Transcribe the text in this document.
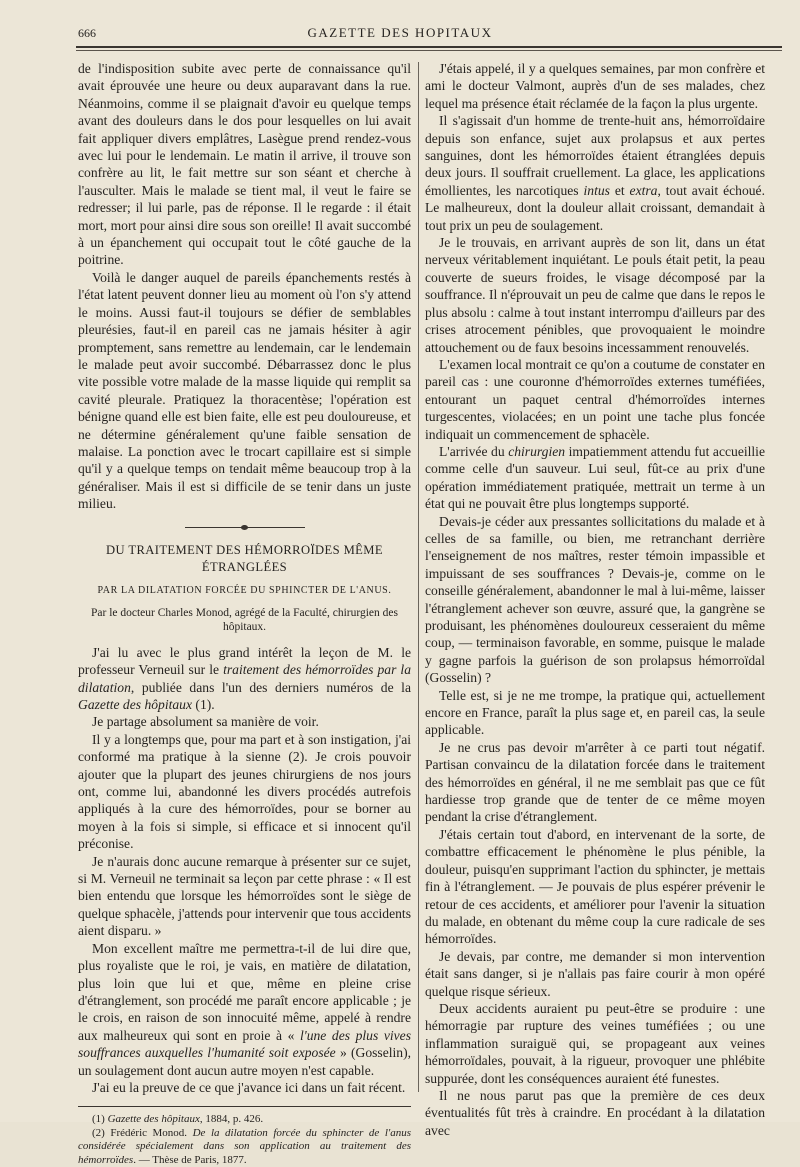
666	GAZETTE DES HOPITAUX

de l'indisposition subite avec perte de connaissance qu'il avait éprouvée une heure ou deux auparavant dans la rue. Néanmoins, comme il se plaignait d'avoir eu quelque temps avant des douleurs dans le dos pour lesquelles on lui avait fait appliquer divers emplâtres, Lasègue prend rendez-vous avec lui pour le lendemain. Le matin il arrive, il trouve son confrère au lit, le fait mettre sur son séant et cherche à l'ausculter. Mais le malade se tient mal, il veut le faire se redresser; il lui parle, pas de réponse. Il le regarde : il était mort, mort pour ainsi dire sous son oreille! Il avait succombé à un épanchement qui occupait tout le côté gauche de la poitrine.

Voilà le danger auquel de pareils épanchements restés à l'état latent peuvent donner lieu au moment où l'on s'y attend le moins. Aussi faut-il toujours se défier de semblables pleurésies, faut-il en pareil cas ne jamais hésiter à agir promptement, sans remettre au lendemain, car le lendemain le malade peut avoir succombé. Débarrassez donc le plus vite possible votre malade de la masse liquide qui remplit sa cavité pleurale. Pratiquez la thoracentèse; l'opération est bénigne quand elle est bien faite, elle est peu douloureuse, et ne détermine généralement qu'une faible sensation de malaise. La ponction avec le trocart capillaire est si simple qu'il y a quelque temps on tendait même beaucoup trop à la généraliser. Mais il est si difficile de se tenir dans un juste milieu.

DU TRAITEMENT DES HÉMORROÏDES MÊME ÉTRANGLÉES

PAR LA DILATATION FORCÉE DU SPHINCTER DE L'ANUS.

Par le docteur Charles Monod, agrégé de la Faculté, chirurgien des hôpitaux.

J'ai lu avec le plus grand intérêt la leçon de M. le professeur Verneuil sur le traitement des hémorroïdes par la dilatation, publiée dans l'un des derniers numéros de la Gazette des hôpitaux (1).

Je partage absolument sa manière de voir.

Il y a longtemps que, pour ma part et à son instigation, j'ai conformé ma pratique à la sienne (2). Je crois pouvoir ajouter que la plupart des jeunes chirurgiens de nos jours ont, comme lui, abandonné les divers procédés autrefois appliqués à la cure des hémorroïdes, pour se borner au moyen à la fois si simple, si efficace et si innocent qu'il préconise.

Je n'aurais donc aucune remarque à présenter sur ce sujet, si M. Verneuil ne terminait sa leçon par cette phrase : « Il est bien entendu que lorsque les hémorroïdes sont le siège de quelque sphacèle, j'attends pour intervenir que tous accidents aient disparu. »

Mon excellent maître me permettra-t-il de lui dire que, plus royaliste que le roi, je vais, en matière de dilatation, plus loin que lui et que, même en pleine crise d'étranglement, son procédé me paraît encore applicable ; je le crois, en raison de son innocuité même, appelé à rendre aux malheureux qui sont en proie à « l'une des plus vives souffrances auxquelles l'humanité soit exposée » (Gosselin), un soulagement dont aucun autre moyen n'est capable.

J'ai eu la preuve de ce que j'avance ici dans un fait récent.

(1) Gazette des hôpitaux, 1884, p. 426.

(2) Frédéric Monod. De la dilatation forcée du sphincter de l'anus considérée spécialement dans son application au traitement des hémorroïdes. — Thèse de Paris, 1877.

J'étais appelé, il y a quelques semaines, par mon confrère et ami le docteur Valmont, auprès d'un de ses malades, chez lequel ma présence était réclamée de la façon la plus urgente.

Il s'agissait d'un homme de trente-huit ans, hémorroïdaire depuis son enfance, sujet aux prolapsus et aux pertes sanguines, dont les hémorroïdes étaient étranglées depuis deux jours. Il souffrait cruellement. La glace, les applications émollientes, les narcotiques intus et extra, tout avait échoué. Le malheureux, dont la douleur allait croissant, demandait à tout prix un peu de soulagement.

Je le trouvais, en arrivant auprès de son lit, dans un état nerveux véritablement inquiétant. Le pouls était petit, la peau couverte de sueurs froides, le visage décomposé par la souffrance. Il n'éprouvait un peu de calme que dans le repos le plus absolu : calme à tout instant interrompu d'ailleurs par des crises atrocement pénibles, que provoquaient le moindre attouchement ou de faux besoins incessamment renouvelés.

L'examen local montrait ce qu'on a coutume de constater en pareil cas : une couronne d'hémorroïdes externes tuméfiées, entourant un paquet central d'hémorroïdes internes turgescentes, violacées; en un point une tache plus foncée indiquait un commencement de sphacèle.

L'arrivée du chirurgien impatiemment attendu fut accueillie comme celle d'un sauveur. Lui seul, fût-ce au prix d'une opération immédiatement pratiquée, mettrait un terme à un état qui ne pouvait être plus longtemps supporté.

Devais-je céder aux pressantes sollicitations du malade et à celles de sa famille, ou bien, me retranchant derrière l'enseignement de nos maîtres, rester témoin impassible et impuissant de ses souffrances ? Devais-je, comme on le conseille généralement, abandonner le mal à lui-même, laisser l'étranglement achever son œuvre, assuré que, la gangrène se produisant, les phénomènes douloureux cesseraient du même coup, — terminaison favorable, en somme, puisque le malade y gagne parfois la guérison de son prolapsus hémorroïdal (Gosselin) ?

Telle est, si je ne me trompe, la pratique qui, actuellement encore en France, paraît la plus sage et, en pareil cas, la seule applicable.

Je ne crus pas devoir m'arrêter à ce parti tout négatif. Partisan convaincu de la dilatation forcée dans le traitement des hémorroïdes en général, il ne me semblait pas que ce fût hardiesse trop grande que de tenter de ce même moyen pendant la crise d'étranglement.

J'étais certain tout d'abord, en intervenant de la sorte, de combattre efficacement le phénomène le plus pénible, la douleur, puisqu'en supprimant l'action du sphincter, je mettais fin à l'étranglement. — Je pouvais de plus espérer prévenir le retour de ces accidents, et améliorer pour l'avenir la situation du malade, en obtenant du même coup la cure radicale de ses hémorroïdes.

Je devais, par contre, me demander si mon intervention était sans danger, si je n'allais pas faire courir à mon opéré quelque risque sérieux.

Deux accidents auraient pu peut-être se produire : une hémorragie par rupture des veines tuméfiées ; ou une inflammation suraiguë qui, se propageant aux veines hémorroïdales, pouvait, à la rigueur, provoquer une phlébite suppurée, dont les conséquences auraient été funestes.

Il ne nous parut pas que la première de ces deux éventualités fût très à craindre. En procédant à la dilatation avec
